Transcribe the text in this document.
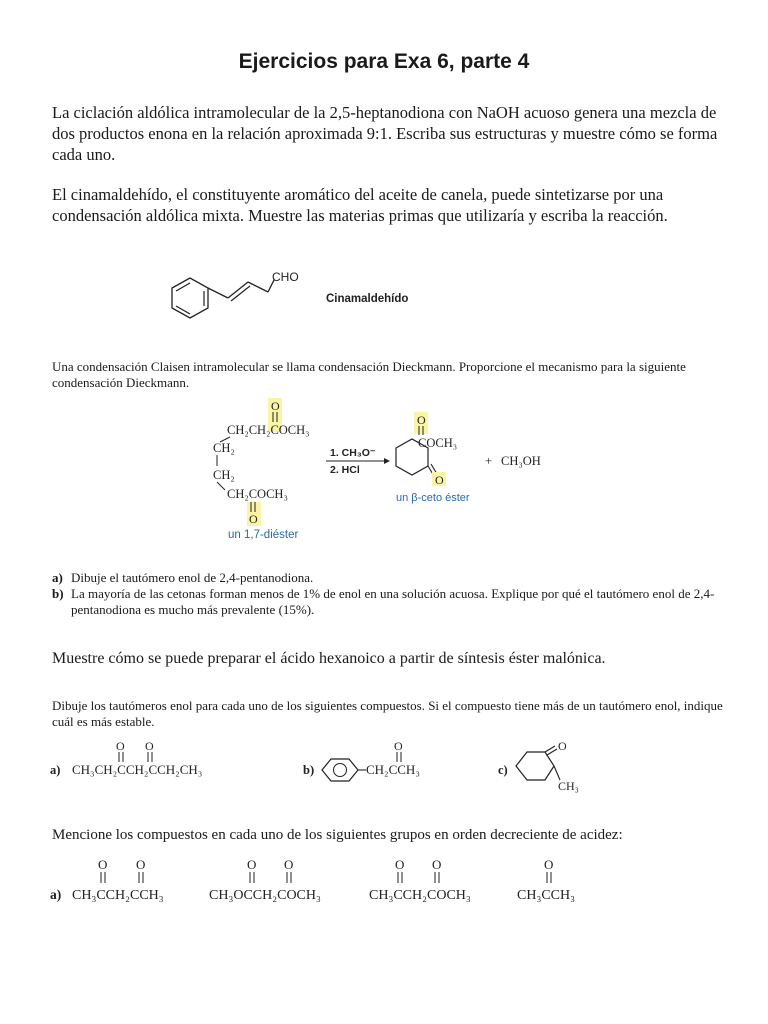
Ejercicios para Exa 6, parte 4
La ciclación aldólica intramolecular de la 2,5-heptanodiona con NaOH acuoso genera una mezcla de dos productos enona en la relación aproximada 9:1. Escriba sus estructuras y muestre cómo se forma cada uno.
El cinamaldehído, el constituyente aromático del aceite de canela, puede sintetizarse por una condensación aldólica mixta. Muestre las materias primas que utilizaría y escriba la reacción.
CHO
Cinamaldehído
Una condensación Claisen intramolecular se llama condensación Dieckmann. Proporcione el mecanismo para la siguiente condensación Dieckmann.
O
CH₂CH₂COCH₃
CH₂
CH₂
CH₂COCH₃
O
un 1,7-diéster
1. CH₃O⁻
2. HCl
O
COCH₃
O
un β-ceto éster
+ CH₃OH
a) Dibuje el tautómero enol de 2,4-pentanodiona.
b) La mayoría de las cetonas forman menos de 1% de enol en una solución acuosa. Explique por qué el tautómero enol de 2,4-pentanodiona es mucho más prevalente (15%).
Muestre cómo se puede preparar el ácido hexanoico a partir de síntesis éster malónica.
Dibuje los tautómeros enol para cada uno de los siguientes compuestos. Si el compuesto tiene más de un tautómero enol, indique cuál es más estable.
a)
O O
CH₃CH₂CCH₂CCH₂CH₃	b)
O
CH₂CCH₃	c)
O
CH₃
Mencione los compuestos en cada uno de los siguientes grupos en orden decreciente de acidez:
a)
O O
CH₃CCH₂CCH₃
O O
CH₃OCCH₂COCH₃
O O
CH₃CCH₂COCH₃
O
CH₃CCH₃
